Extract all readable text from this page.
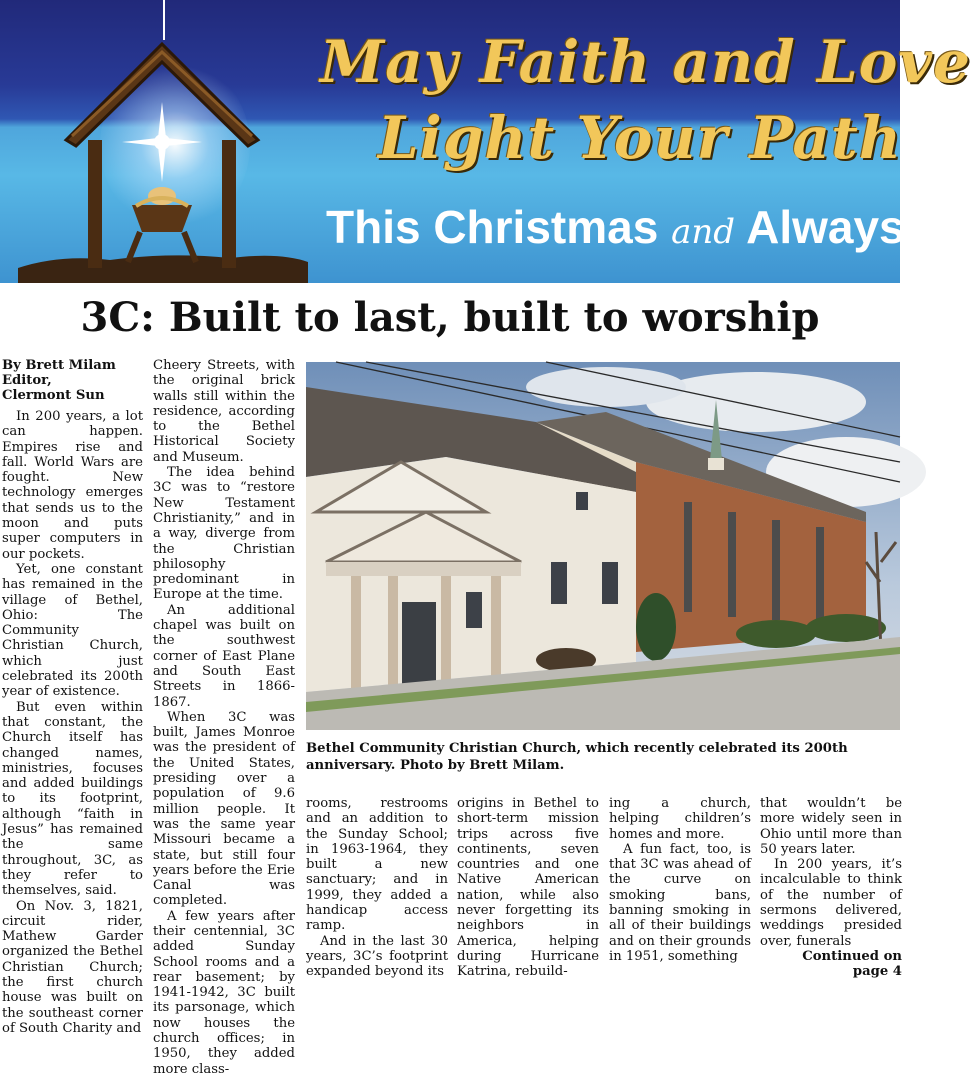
May Faith and Love
Light Your Path
This Christmas and Always
3C: Built to last, built to worship
By Brett Milam
Editor,
Clermont Sun

In 200 years, a lot can happen. Empires rise and fall. World Wars are fought. New technology emerges that sends us to the moon and puts super computers in our pockets.

Yet, one constant has remained in the village of Bethel, Ohio: The Community Christian Church, which just celebrated its 200th year of existence.

But even within that constant, the Church itself has changed names, ministries, focuses and added buildings to its footprint, although “faith in Jesus” has remained the same throughout, 3C, as they refer to themselves, said.

On Nov. 3, 1821, circuit rider, Mathew Garder organized the Bethel Christian Church; the first church house was built on the southeast corner of South Charity and

Cheery Streets, with the original brick walls still within the residence, according to the Bethel Historical Society and Museum.

The idea behind 3C was to “restore New Testament Christianity,” and in a way, diverge from the Christian philosophy predominant in Europe at the time.

An additional chapel was built on the southwest corner of East Plane and South East Streets in 1866-1867.

When 3C was built, James Monroe was the president of the United States, presiding over a population of 9.6 million people. It was the same year Missouri became a state, but still four years before the Erie Canal was completed.

A few years after their centennial, 3C added Sunday School rooms and a rear basement; by 1941-1942, 3C built its parsonage, which now houses the church offices; in 1950, they added more class-

Bethel Community Christian Church, which recently celebrated its 200th anniversary. Photo by Brett Milam.

rooms, restrooms and an addition to the Sunday School; in 1963-1964, they built a new sanctuary; and in 1999, they added a handicap access ramp.

And in the last 30 years, 3C’s footprint expanded beyond its

origins in Bethel to short-term mission trips across five continents, seven countries and one Native American nation, while also never forgetting its neighbors in America, helping during Hurricane Katrina, rebuild-

ing a church, helping children’s homes and more.

A fun fact, too, is that 3C was ahead of the curve on smoking bans, banning smoking in all of their buildings and on their grounds in 1951, something

that wouldn’t be more widely seen in Ohio until more than 50 years later.

In 200 years, it’s incalculable to think of the number of sermons delivered, weddings presided over, funerals

Continued on page 4
